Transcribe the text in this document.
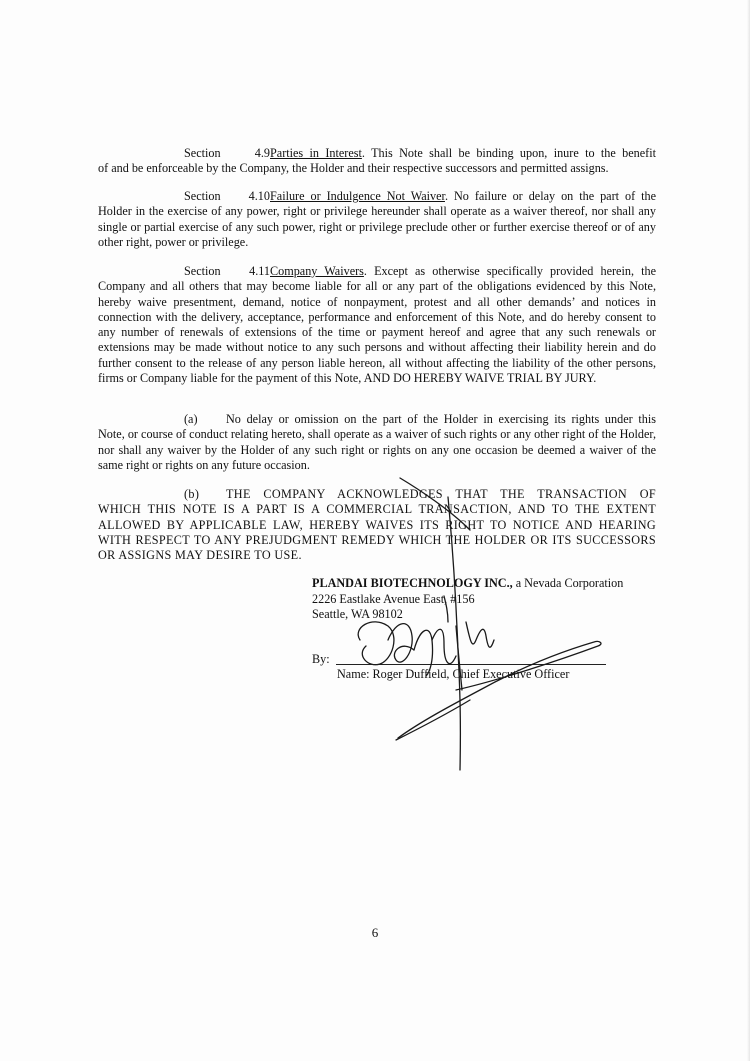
Section 4.9Parties in Interest. This Note shall be binding upon, inure to the benefit
of and be enforceable by the Company, the Holder and their respective successors and permitted assigns.

Section 4.10Failure or Indulgence Not Waiver. No failure or delay on the part of the
Holder in the exercise of any power, right or privilege hereunder shall operate as a waiver thereof, nor shall any single or partial exercise of any such power, right or privilege preclude other or further exercise thereof or of any other right, power or privilege.

Section 4.11Company Waivers. Except as otherwise specifically provided herein, the
Company and all others that may become liable for all or any part of the obligations evidenced by this Note, hereby waive presentment, demand, notice of nonpayment, protest and all other demands’ and notices in connection with the delivery, acceptance, performance and enforcement of this Note, and do hereby consent to any number of renewals of extensions of the time or payment hereof and agree that any such renewals or extensions may be made without notice to any such persons and without affecting their liability herein and do further consent to the release of any person liable hereon, all without affecting the liability of the other persons, firms or Company liable for the payment of this Note, AND DO HEREBY WAIVE TRIAL BY JURY.

(a) No delay or omission on the part of the Holder in exercising its rights under this
Note, or course of conduct relating hereto, shall operate as a waiver of such rights or any other right of the Holder, nor shall any waiver by the Holder of any such right or rights on any one occasion be deemed a waiver of the same right or rights on any future occasion.

(b) THE COMPANY ACKNOWLEDGES THAT THE TRANSACTION OF
WHICH THIS NOTE IS A PART IS A COMMERCIAL TRANSACTION, AND TO THE EXTENT ALLOWED BY APPLICABLE LAW, HEREBY WAIVES ITS RIGHT TO NOTICE AND HEARING WITH RESPECT TO ANY PREJUDGMENT REMEDY WHICH THE HOLDER OR ITS SUCCESSORS OR ASSIGNS MAY DESIRE TO USE.

PLANDAI BIOTECHNOLOGY INC., a Nevada Corporation
2226 Eastlake Avenue East, #156
Seattle, WA 98102
By:
Name: Roger Duffield, Chief Executive Officer
6
